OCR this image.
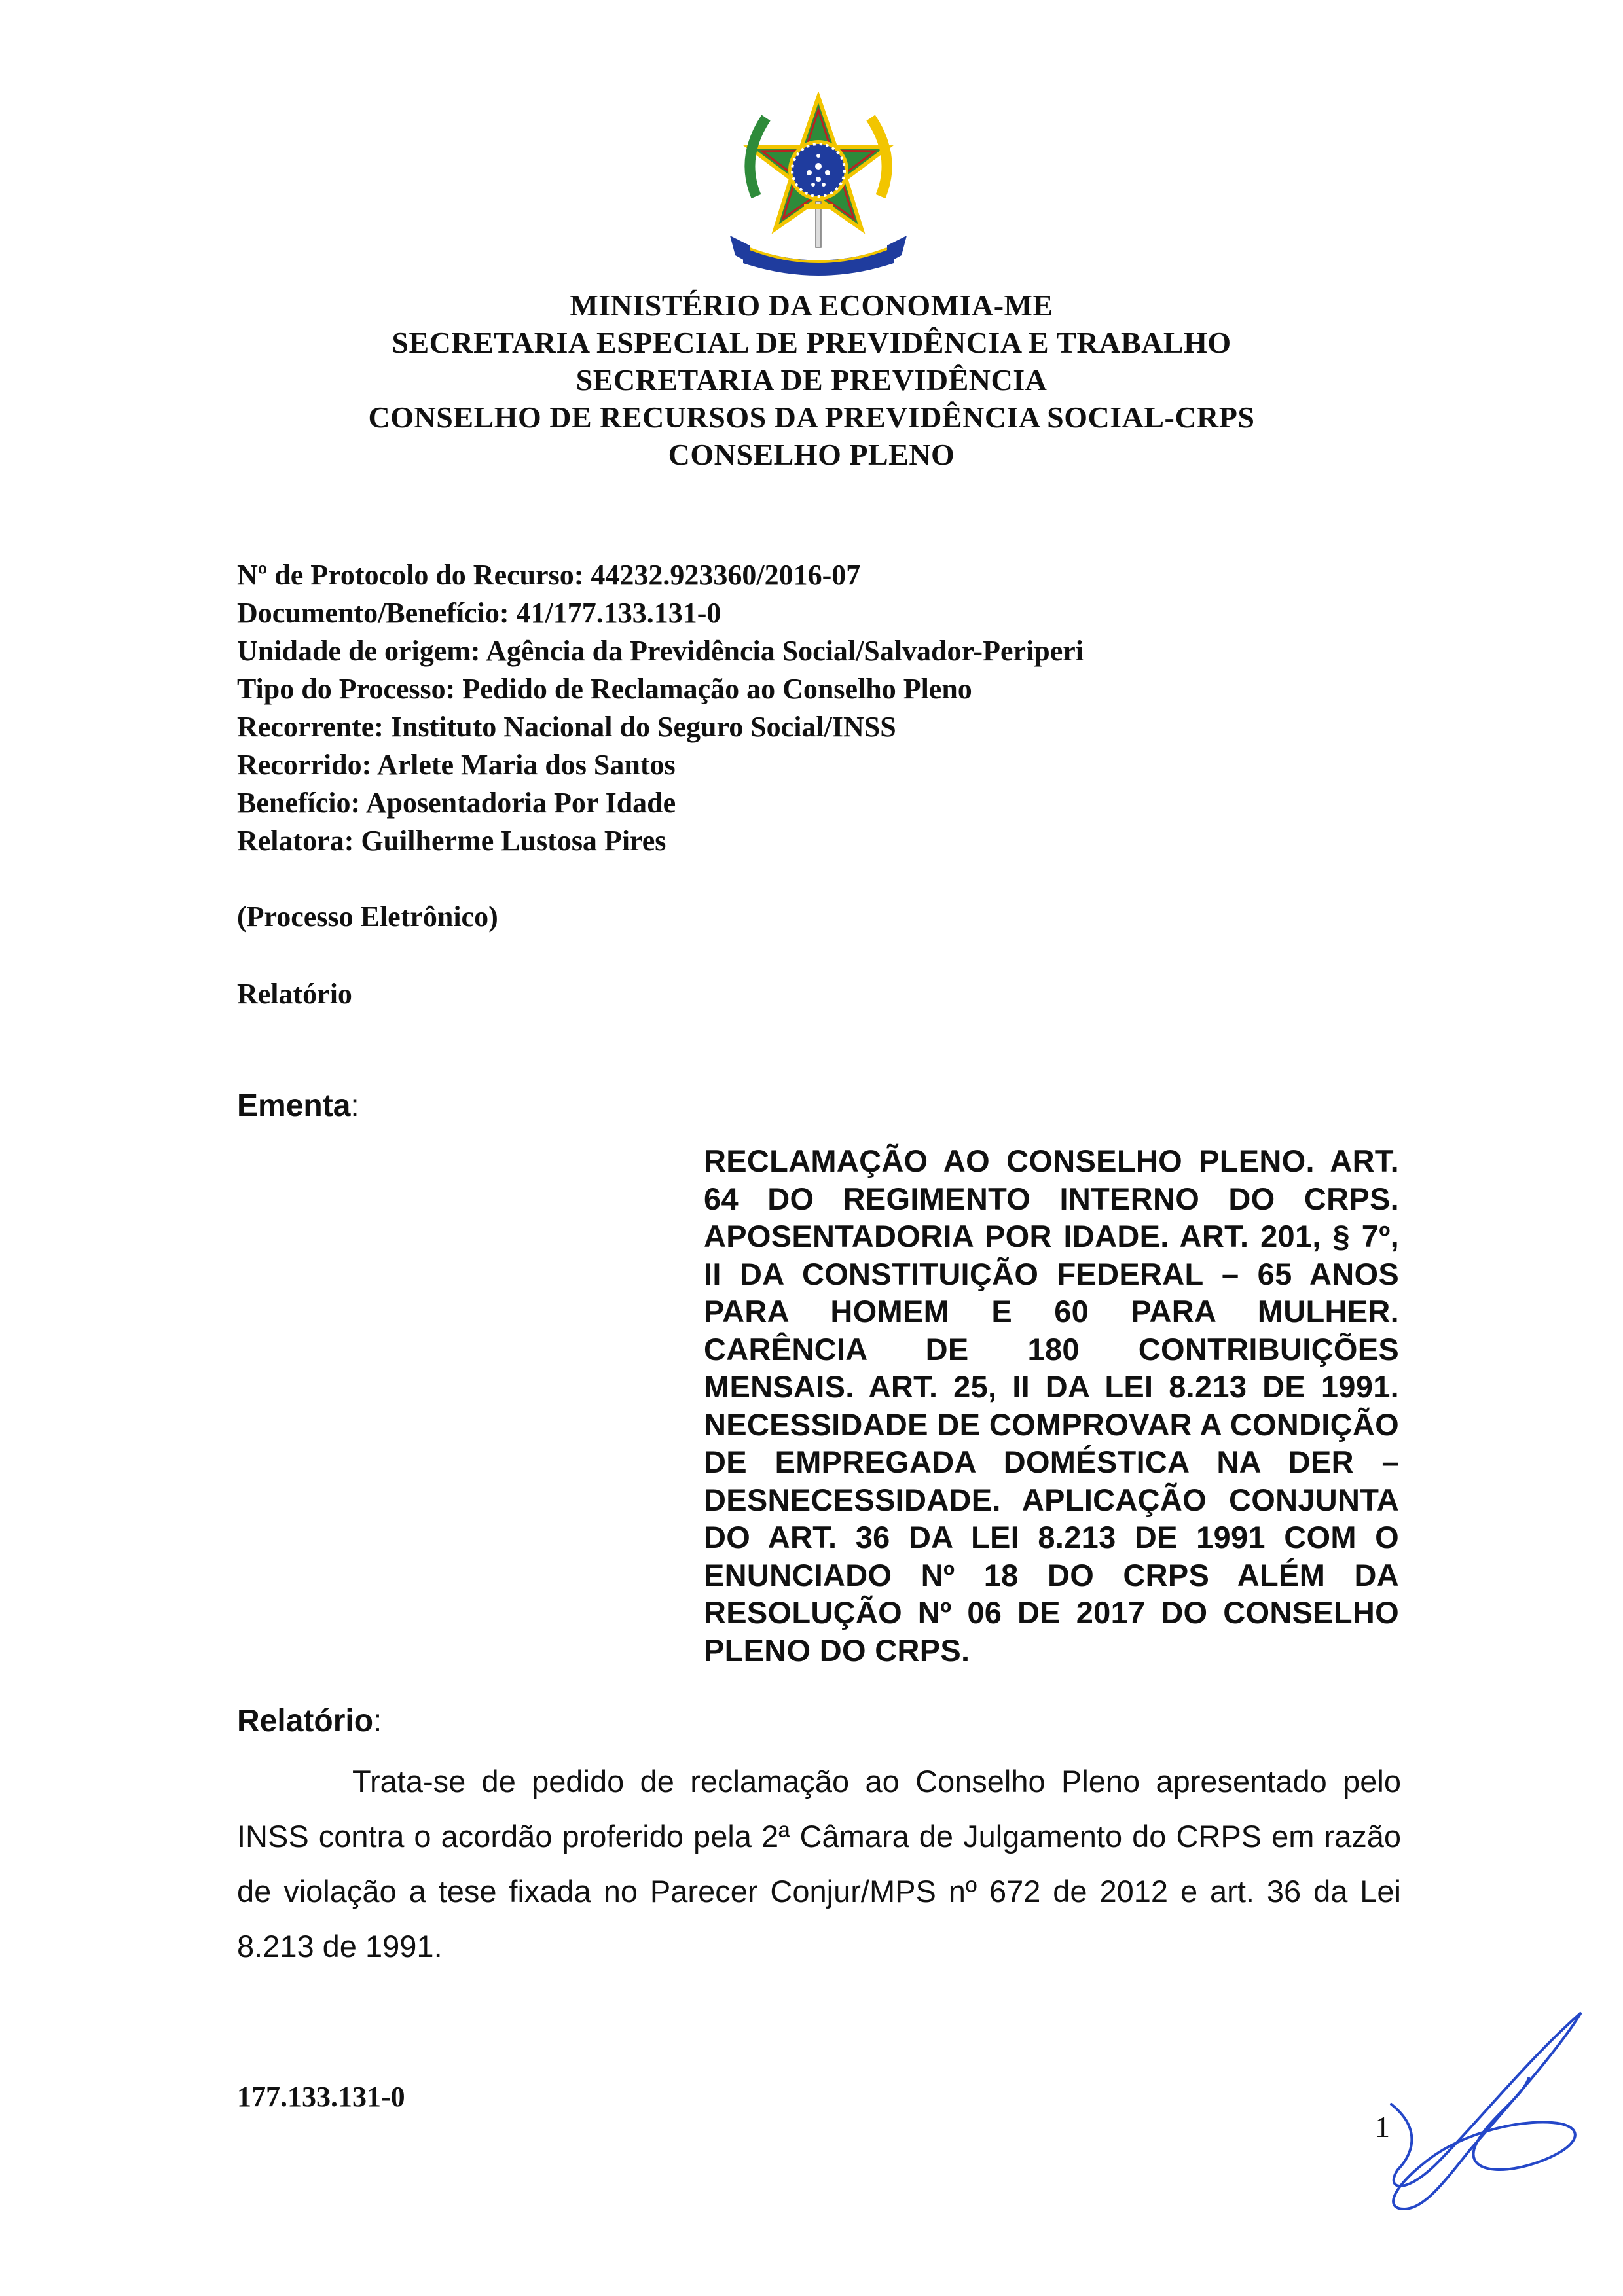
MINISTÉRIO DA ECONOMIA-ME
SECRETARIA ESPECIAL DE PREVIDÊNCIA E TRABALHO
SECRETARIA DE PREVIDÊNCIA
CONSELHO DE RECURSOS DA PREVIDÊNCIA SOCIAL-CRPS
CONSELHO PLENO
Nº de Protocolo do Recurso: 44232.923360/2016-07
Documento/Benefício: 41/177.133.131-0
Unidade de origem: Agência da Previdência Social/Salvador-Periperi
Tipo do Processo: Pedido de Reclamação ao Conselho Pleno
Recorrente: Instituto Nacional do Seguro Social/INSS
Recorrido: Arlete Maria dos Santos
Benefício: Aposentadoria Por Idade
Relatora: Guilherme Lustosa Pires
(Processo Eletrônico)
Relatório
Ementa:
RECLAMAÇÃO AO CONSELHO PLENO. ART. 64 DO REGIMENTO INTERNO DO CRPS. APOSENTADORIA POR IDADE. ART. 201, § 7º, II DA CONSTITUIÇÃO FEDERAL – 65 ANOS PARA HOMEM E 60 PARA MULHER. CARÊNCIA DE 180 CONTRIBUIÇÕES MENSAIS. ART. 25, II DA LEI 8.213 DE 1991. NECESSIDADE DE COMPROVAR A CONDIÇÃO DE EMPREGADA DOMÉSTICA NA DER – DESNECESSIDADE. APLICAÇÃO CONJUNTA DO ART. 36 DA LEI 8.213 DE 1991 COM O ENUNCIADO Nº 18 DO CRPS ALÉM DA RESOLUÇÃO Nº 06 DE 2017 DO CONSELHO PLENO DO CRPS.
Relatório:
Trata-se de pedido de reclamação ao Conselho Pleno apresentado pelo INSS contra o acordão proferido pela 2ª Câmara de Julgamento do CRPS em razão de violação a tese fixada no Parecer Conjur/MPS nº 672 de 2012 e art. 36 da Lei 8.213 de 1991.
177.133.131-0
1
